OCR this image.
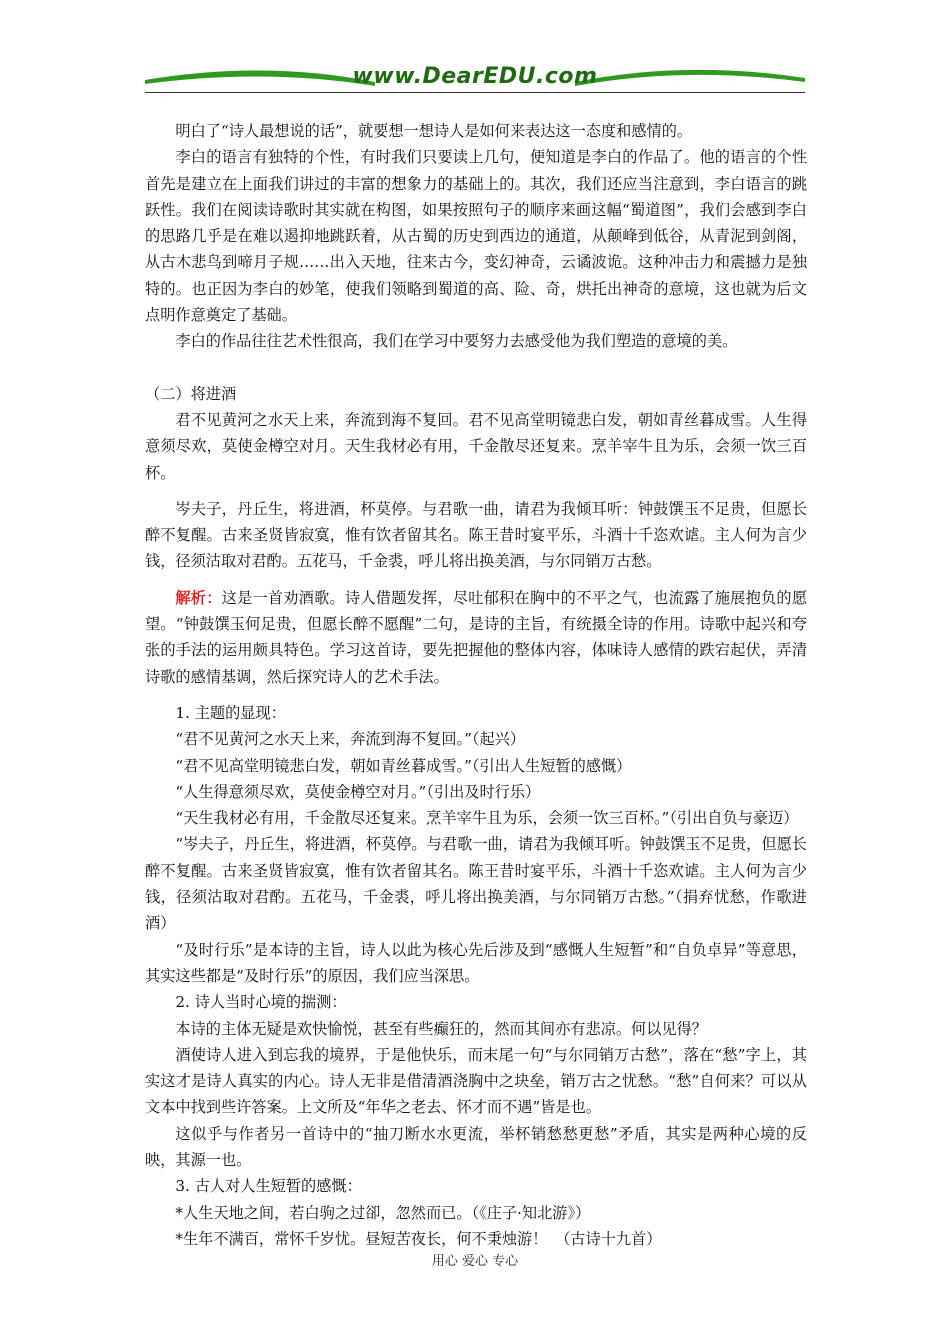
www.DearEDU.com

明白了“诗人最想说的话”，就要想一想诗人是如何来表达这一态度和感情的。

李白的语言有独特的个性，有时我们只要读上几句，便知道是李白的作品了。他的语言的个性首先是建立在上面我们讲过的丰富的想象力的基础上的。其次，我们还应当注意到，李白语言的跳跃性。我们在阅读诗歌时其实就在构图，如果按照句子的顺序来画这幅“蜀道图”，我们会感到李白的思路几乎是在难以遏抑地跳跃着，从古蜀的历史到西边的通道，从颠峰到低谷，从青泥到剑阁，从古木悲鸟到啼月子规……出入天地，往来古今，变幻神奇，云谲波诡。这种冲击力和震撼力是独特的。也正因为李白的妙笔，使我们领略到蜀道的高、险、奇，烘托出神奇的意境，这也就为后文点明作意奠定了基础。

李白的作品往往艺术性很高，我们在学习中要努力去感受他为我们塑造的意境的美。

（二）将进酒

君不见黄河之水天上来，奔流到海不复回。君不见高堂明镜悲白发，朝如青丝暮成雪。人生得意须尽欢，莫使金樽空对月。天生我材必有用，千金散尽还复来。烹羊宰牛且为乐，会须一饮三百杯。

岑夫子，丹丘生，将进酒，杯莫停。与君歌一曲，请君为我倾耳听：钟鼓馔玉不足贵，但愿长醉不复醒。古来圣贤皆寂寞，惟有饮者留其名。陈王昔时宴平乐，斗酒十千恣欢谑。主人何为言少钱，径须沽取对君酌。五花马，千金裘，呼儿将出换美酒，与尔同销万古愁。

解析：这是一首劝酒歌。诗人借题发挥，尽吐郁积在胸中的不平之气，也流露了施展抱负的愿望。“钟鼓馔玉何足贵，但愿长醉不愿醒”二句，是诗的主旨，有统摄全诗的作用。诗歌中起兴和夸张的手法的运用颇具特色。学习这首诗，要先把握他的整体内容，体味诗人感情的跌宕起伏，弄清诗歌的感情基调，然后探究诗人的艺术手法。

1. 主题的显现：

“君不见黄河之水天上来，奔流到海不复回。”（起兴）

“君不见高堂明镜悲白发，朝如青丝暮成雪。”（引出人生短暂的感慨）

“人生得意须尽欢，莫使金樽空对月。”（引出及时行乐）

“天生我材必有用，千金散尽还复来。烹羊宰牛且为乐，会须一饮三百杯。”（引出自负与豪迈）

“岑夫子，丹丘生，将进酒，杯莫停。与君歌一曲，请君为我倾耳听。钟鼓馔玉不足贵，但愿长醉不复醒。古来圣贤皆寂寞，惟有饮者留其名。陈王昔时宴平乐，斗酒十千恣欢谑。主人何为言少钱，径须沽取对君酌。五花马，千金裘，呼儿将出换美酒，与尔同销万古愁。”（捐弃忧愁，作歌进酒）

“及时行乐”是本诗的主旨，诗人以此为核心先后涉及到“感慨人生短暂”和“自负卓异”等意思，其实这些都是“及时行乐”的原因，我们应当深思。

2. 诗人当时心境的揣测：

本诗的主体无疑是欢快愉悦，甚至有些癫狂的，然而其间亦有悲凉。何以见得？

酒使诗人进入到忘我的境界，于是他快乐，而末尾一句“与尔同销万古愁”，落在“愁”字上，其实这才是诗人真实的内心。诗人无非是借清酒浇胸中之块垒，销万古之忧愁。“愁”自何来？可以从文本中找到些许答案。上文所及“年华之老去、怀才而不遇”皆是也。

这似乎与作者另一首诗中的“抽刀断水水更流，举杯销愁愁更愁”矛盾，其实是两种心境的反映，其源一也。

3. 古人对人生短暂的感慨：

*人生天地之间，若白驹之过卻，忽然而已。（《庄子·知北游》）

*生年不满百，常怀千岁忧。昼短苦夜长，何不秉烛游！　（古诗十九首）

用心 爱心 专心
